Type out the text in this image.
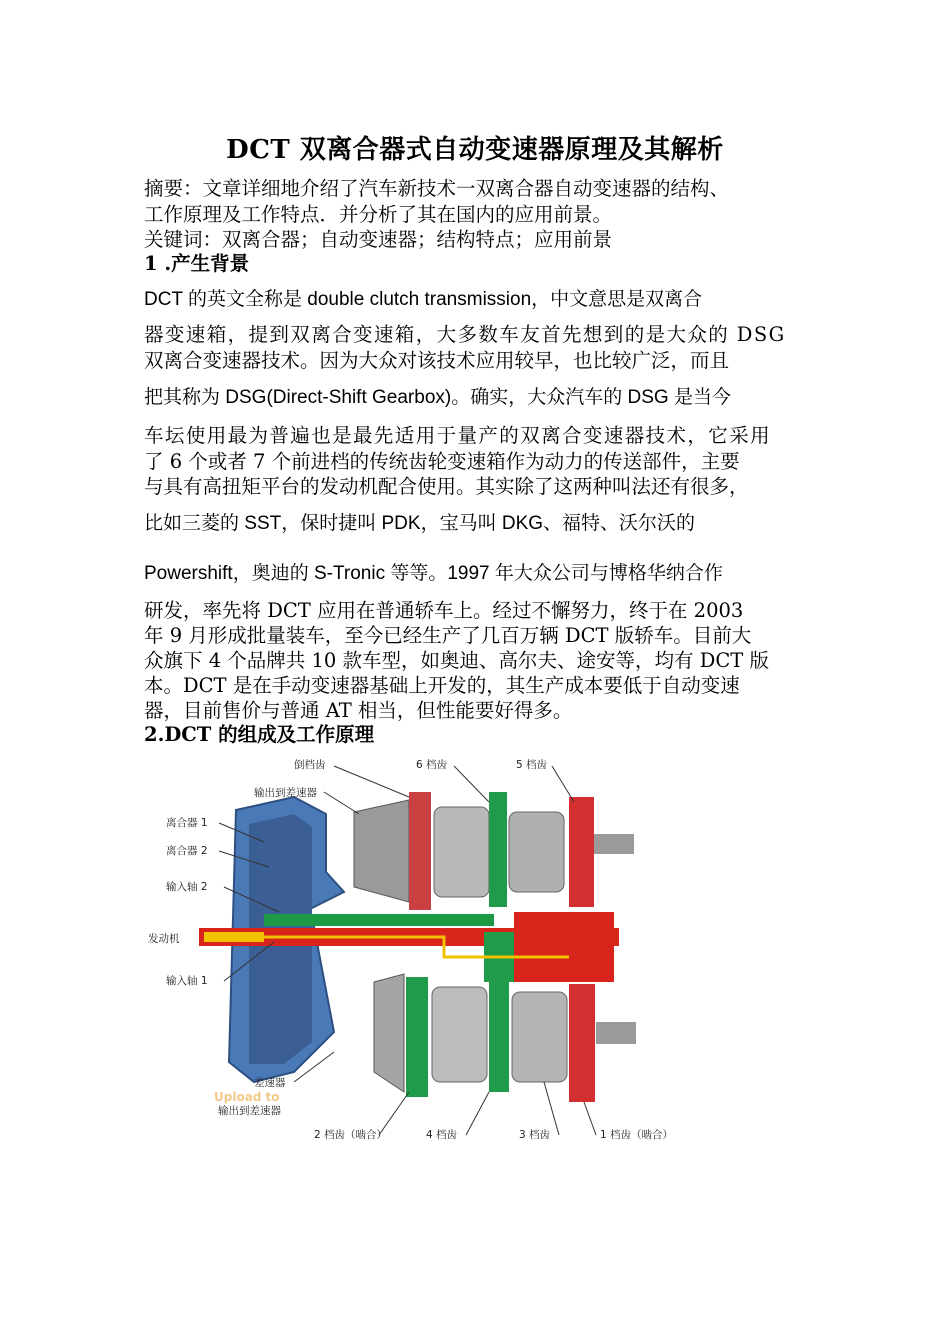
DCT 双离合器式自动变速器原理及其解析
摘要：文章详细地介绍了汽车新技术一双离合器自动变速器的结构、
工作原理及工作特点．并分析了其在国内的应用前景。
关键词：双离合器；自动变速器；结构特点；应用前景
1 .产生背景
DCT 的英文全称是 double clutch transmission，中文意思是双离合
器变速箱，提到双离合变速箱，大多数车友首先想到的是大众的 DSG
双离合变速器技术。因为大众对该技术应用较早，也比较广泛，而且
把其称为 DSG(Direct-Shift Gearbox)。确实，大众汽车的 DSG 是当今
车坛使用最为普遍也是最先适用于量产的双离合变速器技术，它采用
了 6 个或者 7 个前进档的传统齿轮变速箱作为动力的传送部件，主要
与具有高扭矩平台的发动机配合使用。其实除了这两种叫法还有很多，
比如三菱的 SST，保时捷叫 PDK，宝马叫 DKG、福特、沃尔沃的
Powershift，奥迪的 S-Tronic 等等。1997 年大众公司与博格华纳合作
研发，率先将 DCT 应用在普通轿车上。经过不懈努力，终于在 2003
年 9 月形成批量装车，至今已经生产了几百万辆 DCT 版轿车。目前大
众旗下 4 个品牌共 10 款车型，如奥迪、高尔夫、途安等，均有 DCT 版
本。DCT 是在手动变速器基础上开发的，其生产成本要低于自动变速
器，目前售价与普通 AT 相当，但性能要好得多。
2.DCT 的组成及工作原理
倒档齿	6 档齿	5 档齿
输出到差速器
离合器 1
离合器 2
输入轴 2
发动机
输入轴 1
差速器
Upload to
输出到差速器
2 档齿（啮合）	4 档齿	3 档齿	1 档齿（啮合）
